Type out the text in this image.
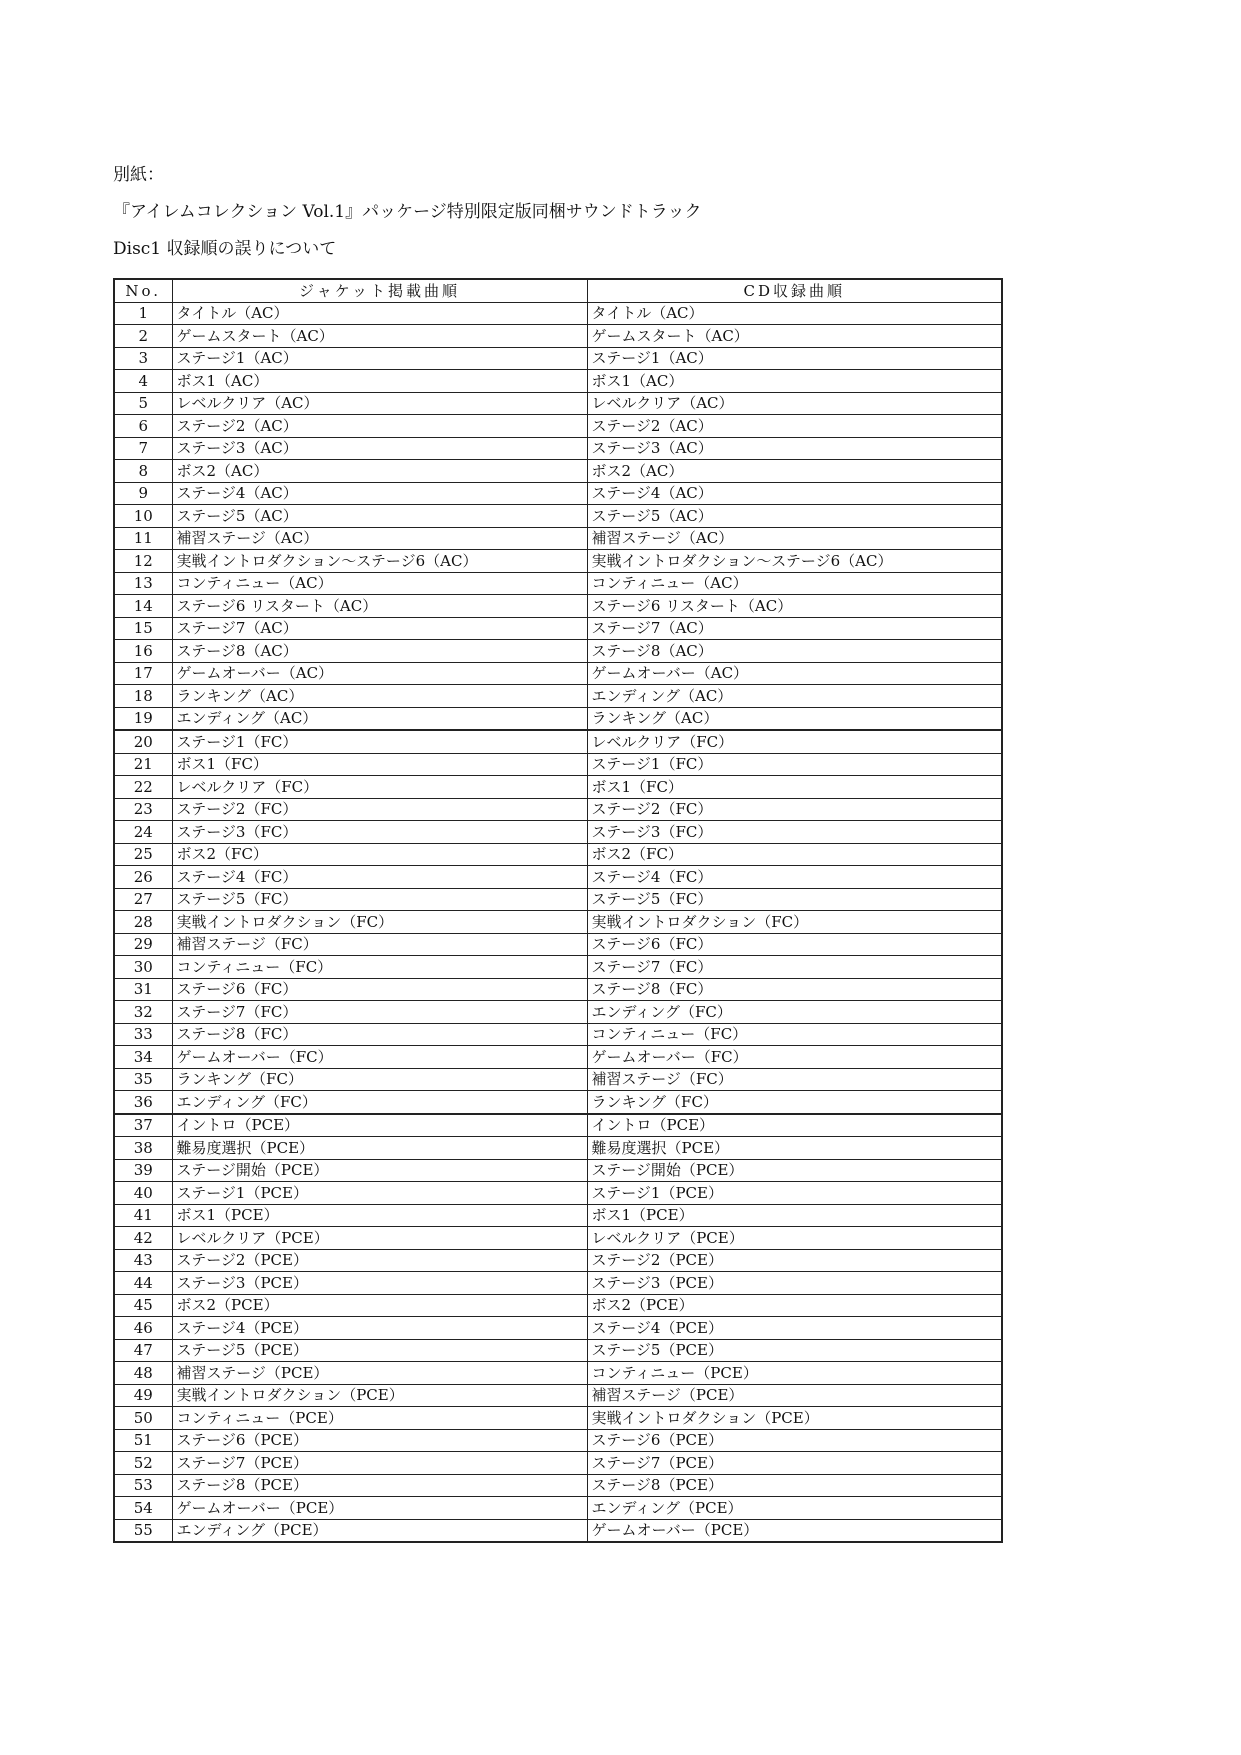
別紙：
『アイレムコレクション Vol.1』パッケージ特別限定版同梱サウンドトラック
Disc1 収録順の誤りについて
No.	ジャケット掲載曲順	CD収録曲順
1	タイトル（AC）	タイトル（AC）
2	ゲームスタート（AC）	ゲームスタート（AC）
3	ステージ1（AC）	ステージ1（AC）
4	ボス1（AC）	ボス1（AC）
5	レベルクリア（AC）	レベルクリア（AC）
6	ステージ2（AC）	ステージ2（AC）
7	ステージ3（AC）	ステージ3（AC）
8	ボス2（AC）	ボス2（AC）
9	ステージ4（AC）	ステージ4（AC）
10	ステージ5（AC）	ステージ5（AC）
11	補習ステージ（AC）	補習ステージ（AC）
12	実戦イントロダクション～ステージ6（AC）	実戦イントロダクション～ステージ6（AC）
13	コンティニュー（AC）	コンティニュー（AC）
14	ステージ6 リスタート（AC）	ステージ6 リスタート（AC）
15	ステージ7（AC）	ステージ7（AC）
16	ステージ8（AC）	ステージ8（AC）
17	ゲームオーバー（AC）	ゲームオーバー（AC）
18	ランキング（AC）	エンディング（AC）
19	エンディング（AC）	ランキング（AC）
20	ステージ1（FC）	レベルクリア（FC）
21	ボス1（FC）	ステージ1（FC）
22	レベルクリア（FC）	ボス1（FC）
23	ステージ2（FC）	ステージ2（FC）
24	ステージ3（FC）	ステージ3（FC）
25	ボス2（FC）	ボス2（FC）
26	ステージ4（FC）	ステージ4（FC）
27	ステージ5（FC）	ステージ5（FC）
28	実戦イントロダクション（FC）	実戦イントロダクション（FC）
29	補習ステージ（FC）	ステージ6（FC）
30	コンティニュー（FC）	ステージ7（FC）
31	ステージ6（FC）	ステージ8（FC）
32	ステージ7（FC）	エンディング（FC）
33	ステージ8（FC）	コンティニュー（FC）
34	ゲームオーバー（FC）	ゲームオーバー（FC）
35	ランキング（FC）	補習ステージ（FC）
36	エンディング（FC）	ランキング（FC）
37	イントロ（PCE）	イントロ（PCE）
38	難易度選択（PCE）	難易度選択（PCE）
39	ステージ開始（PCE）	ステージ開始（PCE）
40	ステージ1（PCE）	ステージ1（PCE）
41	ボス1（PCE）	ボス1（PCE）
42	レベルクリア（PCE）	レベルクリア（PCE）
43	ステージ2（PCE）	ステージ2（PCE）
44	ステージ3（PCE）	ステージ3（PCE）
45	ボス2（PCE）	ボス2（PCE）
46	ステージ4（PCE）	ステージ4（PCE）
47	ステージ5（PCE）	ステージ5（PCE）
48	補習ステージ（PCE）	コンティニュー（PCE）
49	実戦イントロダクション（PCE）	補習ステージ（PCE）
50	コンティニュー（PCE）	実戦イントロダクション（PCE）
51	ステージ6（PCE）	ステージ6（PCE）
52	ステージ7（PCE）	ステージ7（PCE）
53	ステージ8（PCE）	ステージ8（PCE）
54	ゲームオーバー（PCE）	エンディング（PCE）
55	エンディング（PCE）	ゲームオーバー（PCE）
